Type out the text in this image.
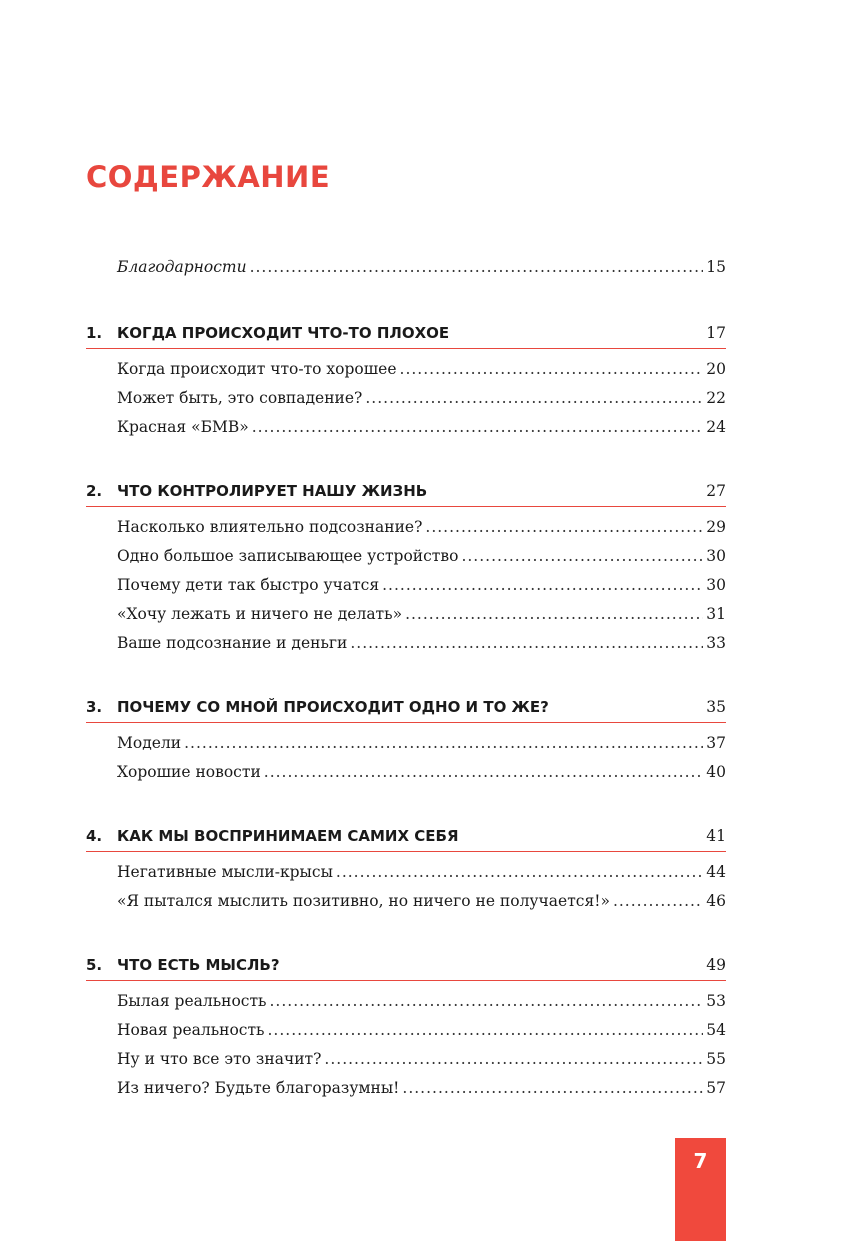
СОДЕРЖАНИЕ
Благодарности .....	15
1. КОГДА ПРОИСХОДИТ ЧТО-ТО ПЛОХОЕ	17
Когда происходит что-то хорошее .....	20
Может быть, это совпадение? .....	22
Красная «БМВ» .....	24
2. ЧТО КОНТРОЛИРУЕТ НАШУ ЖИЗНЬ	27
Насколько влиятельно подсознание? .....	29
Одно большое записывающее устройство .....	30
Почему дети так быстро учатся .....	30
«Хочу лежать и ничего не делать» .....	31
Ваше подсознание и деньги .....	33
3. ПОЧЕМУ СО МНОЙ ПРОИСХОДИТ ОДНО И ТО ЖЕ?	35
Модели .....	37
Хорошие новости .....	40
4. КАК МЫ ВОСПРИНИМАЕМ САМИХ СЕБЯ	41
Негативные мысли-крысы .....	44
«Я пытался мыслить позитивно, но ничего не получается!» .....	46
5. ЧТО ЕСТЬ МЫСЛЬ?	49
Былая реальность .....	53
Новая реальность .....	54
Ну и что все это значит? .....	55
Из ничего? Будьте благоразумны! .....	57
7
